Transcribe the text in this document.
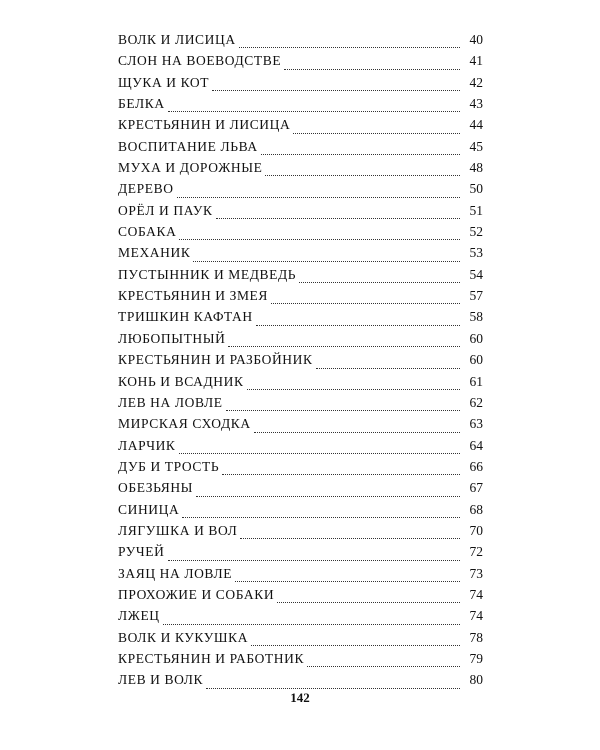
ВОЛК И ЛИСИЦА	40
СЛОН НА ВОЕВОДСТВЕ	41
ЩУКА И КОТ	42
БЕЛКА	43
КРЕСТЬЯНИН И ЛИСИЦА	44
ВОСПИТАНИЕ ЛЬВА	45
МУХА И ДОРОЖНЫЕ	48
ДЕРЕВО	50
ОРЁЛ И ПАУК	51
СОБАКА	52
МЕХАНИК	53
ПУСТЫННИК И МЕДВЕДЬ	54
КРЕСТЬЯНИН И ЗМЕЯ	57
ТРИШКИН КАФТАН	58
ЛЮБОПЫТНЫЙ	60
КРЕСТЬЯНИН И РАЗБОЙНИК	60
КОНЬ И ВСАДНИК	61
ЛЕВ НА ЛОВЛЕ	62
МИРСКАЯ СХОДКА	63
ЛАРЧИК	64
ДУБ И ТРОСТЬ	66
ОБЕЗЬЯНЫ	67
СИНИЦА	68
ЛЯГУШКА И ВОЛ	70
РУЧЕЙ	72
ЗАЯЦ НА ЛОВЛЕ	73
ПРОХОЖИЕ И СОБАКИ	74
ЛЖЕЦ	74
ВОЛК И КУКУШКА	78
КРЕСТЬЯНИН И РАБОТНИК	79
ЛЕВ И ВОЛК	80
142
